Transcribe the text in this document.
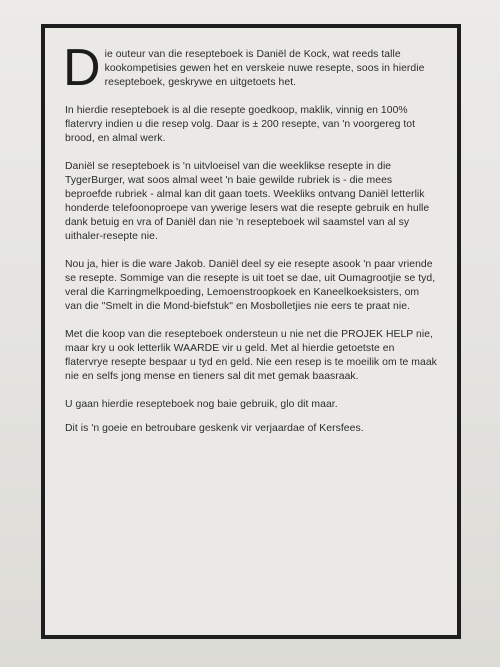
Die outeur van die resepteboek is Daniël de Kock, wat reeds talle kookompetisies gewen het en verskeie nuwe resepte, soos in hierdie resepteboek, geskrywe en uitgetoets het.

In hierdie resepteboek is al die resepte goedkoop, maklik, vinnig en 100% flatervry indien u die resep volg. Daar is ± 200 resepte, van 'n voorgereg tot brood, en almal werk.

Daniël se resepteboek is 'n uitvloeisel van die weeklikse resepte in die TygerBurger, wat soos almal weet 'n baie gewilde rubriek is - die mees beproefde rubriek - almal kan dit gaan toets. Weekliks ontvang Daniël letterlik honderde telefoonoproepe van ywerige lesers wat die resepte gebruik en hulle dank betuig en vra of Daniël dan nie 'n resepteboek wil saamstel van al sy uithaler-resepte nie.

Nou ja, hier is die ware Jakob. Daniël deel sy eie resepte asook 'n paar vriende se resepte. Sommige van die resepte is uit toet se dae, uit Oumagrootjie se tyd, veral die Karringmelkpoeding, Lemoenstroopkoek en Kaneelkoeksisters, om van die "Smelt in die Mond-biefstuk" en Mosbolletjies nie eers te praat nie.

Met die koop van die resepteboek ondersteun u nie net die PROJEK HELP nie, maar kry u ook letterlik WAARDE vir u geld. Met al hierdie getoetste en flatervrye resepte bespaar u tyd en geld. Nie een resep is te moeilik om te maak nie en selfs jong mense en tieners sal dit met gemak baasraak.

U gaan hierdie resepteboek nog baie gebruik, glo dit maar.

Dit is 'n goeie en betroubare geskenk vir verjaardae of Kersfees.
